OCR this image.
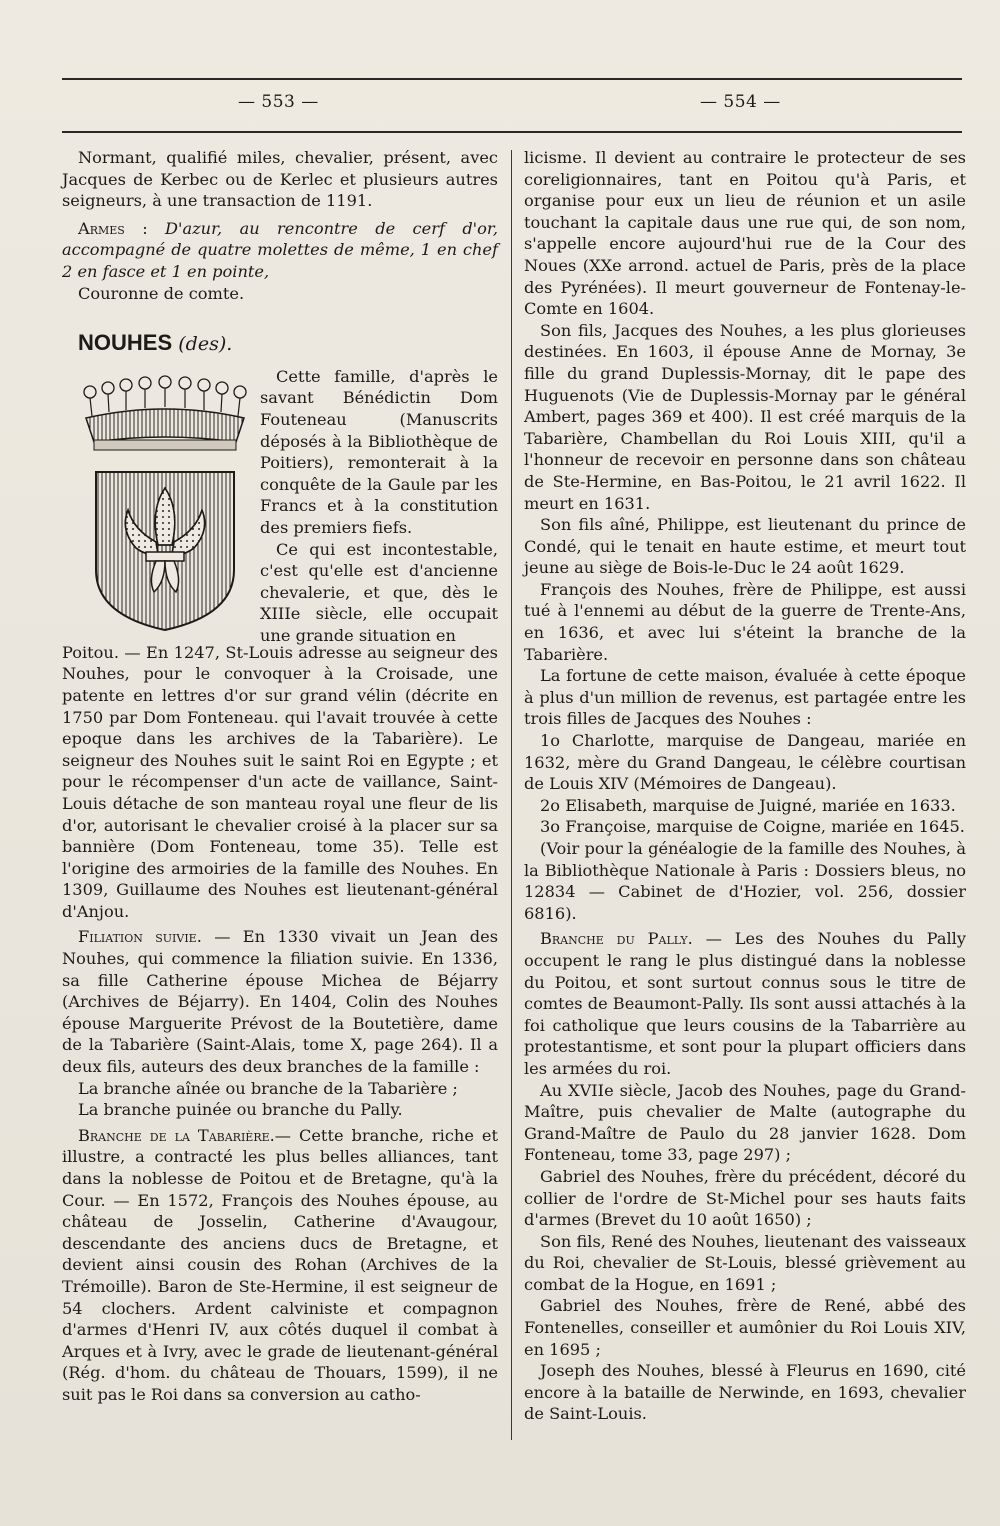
— 553 —	— 554 —

Normant, qualifié miles, chevalier, présent, avec Jacques de Kerbec ou de Kerlec et plusieurs autres seigneurs, à une transaction de 1191.

Armes : D'azur, au rencontre de cerf d'or, accompagné de quatre molettes de même, 1 en chef 2 en fasce et 1 en pointe,

Couronne de comte.

NOUHES (des).

Cette famille, d'après le savant Bénédictin Dom Fouteneau (Manuscrits déposés à la Bibliothèque de Poitiers), remonterait à la conquête de la Gaule par les Francs et à la constitution des premiers fiefs.

Ce qui est incontestable, c'est qu'elle est d'ancienne chevalerie, et que, dès le XIIIe siècle, elle occupait une grande situation en

Poitou. — En 1247, St-Louis adresse au seigneur des Nouhes, pour le convoquer à la Croisade, une patente en lettres d'or sur grand vélin (décrite en 1750 par Dom Fonteneau. qui l'avait trouvée à cette epoque dans les archives de la Tabarière). Le seigneur des Nouhes suit le saint Roi en Egypte ; et pour le récompenser d'un acte de vaillance, Saint-Louis détache de son manteau royal une fleur de lis d'or, autorisant le chevalier croisé à la placer sur sa bannière (Dom Fonteneau, tome 35). Telle est l'origine des armoiries de la famille des Nouhes. En 1309, Guillaume des Nouhes est lieutenant-général d'Anjou.

Filiation suivie. — En 1330 vivait un Jean des Nouhes, qui commence la filiation suivie. En 1336, sa fille Catherine épouse Michea de Béjarry (Archives de Béjarry). En 1404, Colin des Nouhes épouse Marguerite Prévost de la Boutetière, dame de la Tabarière (Saint-Alais, tome X, page 264). Il a deux fils, auteurs des deux branches de la famille :

La branche aînée ou branche de la Tabarière ;

La branche puinée ou branche du Pally.

Branche de la Tabarière.— Cette branche, riche et illustre, a contracté les plus belles alliances, tant dans la noblesse de Poitou et de Bretagne, qu'à la Cour. — En 1572, François des Nouhes épouse, au château de Josselin, Catherine d'Avaugour, descendante des anciens ducs de Bretagne, et devient ainsi cousin des Rohan (Archives de la Trémoille). Baron de Ste-Hermine, il est seigneur de 54 clochers. Ardent calviniste et compagnon d'armes d'Henri IV, aux côtés duquel il combat à Arques et à Ivry, avec le grade de lieutenant-général (Rég. d'hom. du château de Thouars, 1599), il ne suit pas le Roi dans sa conversion au catho-

licisme. Il devient au contraire le protecteur de ses coreligionnaires, tant en Poitou qu'à Paris, et organise pour eux un lieu de réunion et un asile touchant la capitale daus une rue qui, de son nom, s'appelle encore aujourd'hui rue de la Cour des Noues (XXe arrond. actuel de Paris, près de la place des Pyrénées). Il meurt gouverneur de Fontenay-le-Comte en 1604.

Son fils, Jacques des Nouhes, a les plus glorieuses destinées. En 1603, il épouse Anne de Mornay, 3e fille du grand Duplessis-Mornay, dit le pape des Huguenots (Vie de Duplessis-Mornay par le général Ambert, pages 369 et 400). Il est créé marquis de la Tabarière, Chambellan du Roi Louis XIII, qu'il a l'honneur de recevoir en personne dans son château de Ste-Hermine, en Bas-Poitou, le 21 avril 1622. Il meurt en 1631.

Son fils aîné, Philippe, est lieutenant du prince de Condé, qui le tenait en haute estime, et meurt tout jeune au siège de Bois-le-Duc le 24 août 1629.

François des Nouhes, frère de Philippe, est aussi tué à l'ennemi au début de la guerre de Trente-Ans, en 1636, et avec lui s'éteint la branche de la Tabarière.

La fortune de cette maison, évaluée à cette époque à plus d'un million de revenus, est partagée entre les trois filles de Jacques des Nouhes :

1o Charlotte, marquise de Dangeau, mariée en 1632, mère du Grand Dangeau, le célèbre courtisan de Louis XIV (Mémoires de Dangeau).

2o Elisabeth, marquise de Juigné, mariée en 1633.

3o Françoise, marquise de Coigne, mariée en 1645.

(Voir pour la généalogie de la famille des Nouhes, à la Bibliothèque Nationale à Paris : Dossiers bleus, no 12834 — Cabinet de d'Hozier, vol. 256, dossier 6816).

Branche du Pally. — Les des Nouhes du Pally occupent le rang le plus distingué dans la noblesse du Poitou, et sont surtout connus sous le titre de comtes de Beaumont-Pally. Ils sont aussi attachés à la foi catholique que leurs cousins de la Tabarrière au protestantisme, et sont pour la plupart officiers dans les armées du roi.

Au XVIIe siècle, Jacob des Nouhes, page du Grand-Maître, puis chevalier de Malte (autographe du Grand-Maître de Paulo du 28 janvier 1628. Dom Fonteneau, tome 33, page 297) ;

Gabriel des Nouhes, frère du précédent, décoré du collier de l'ordre de St-Michel pour ses hauts faits d'armes (Brevet du 10 août 1650) ;

Son fils, René des Nouhes, lieutenant des vaisseaux du Roi, chevalier de St-Louis, blessé grièvement au combat de la Hogue, en 1691 ;

Gabriel des Nouhes, frère de René, abbé des Fontenelles, conseiller et aumônier du Roi Louis XIV, en 1695 ;

Joseph des Nouhes, blessé à Fleurus en 1690, cité encore à la bataille de Nerwinde, en 1693, chevalier de Saint-Louis.
